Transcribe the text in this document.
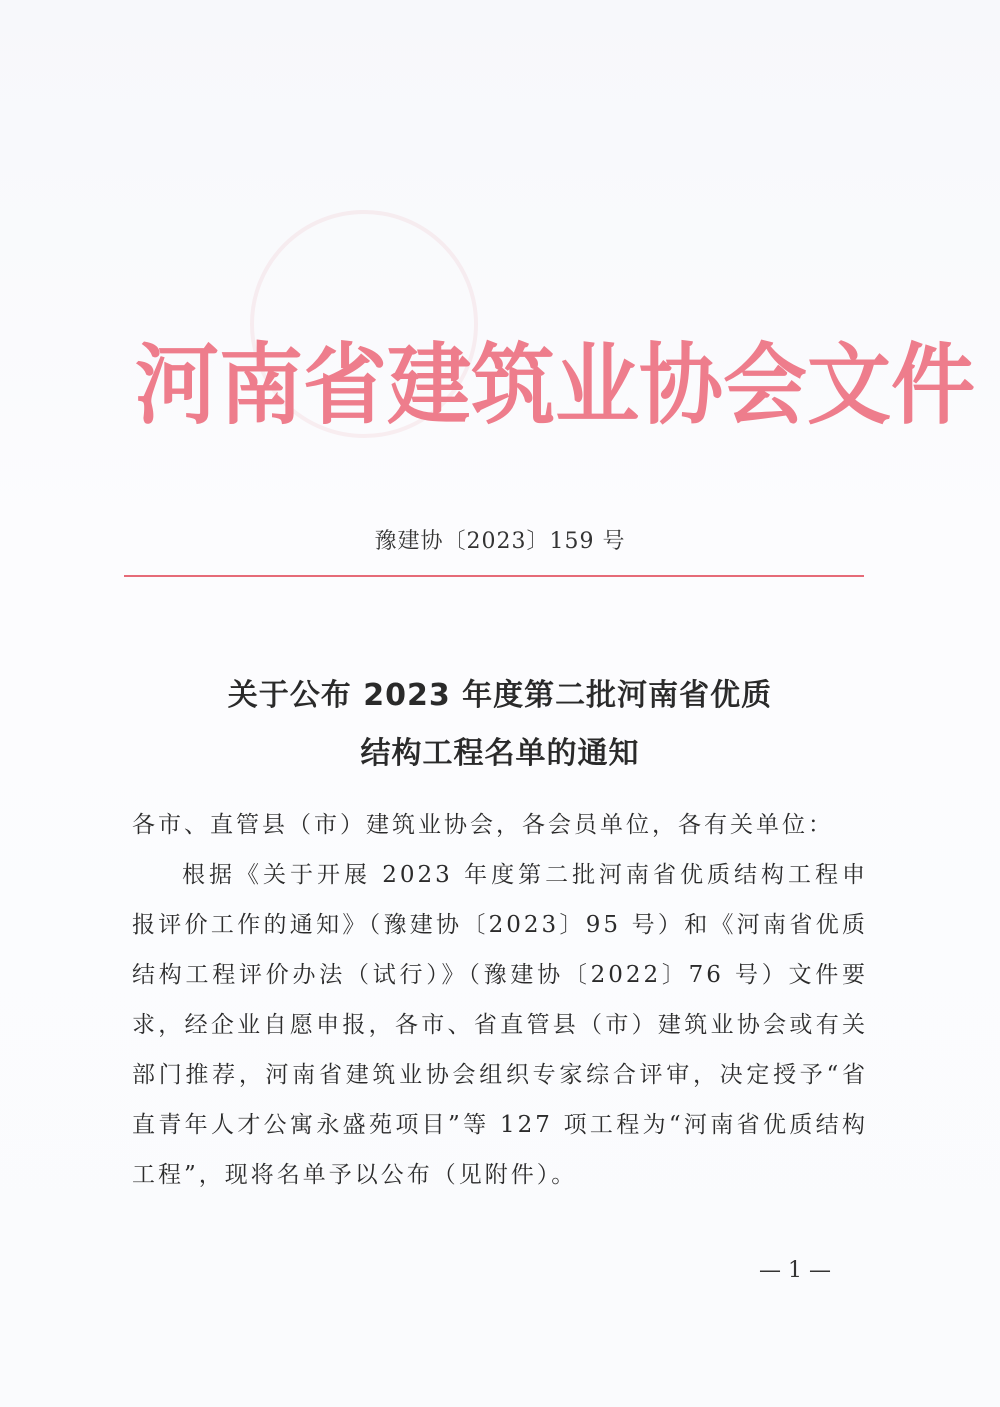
河南省建筑业协会文件
豫建协〔2023〕159 号
关于公布 2023 年度第二批河南省优质
结构工程名单的通知
各市、直管县（市）建筑业协会，各会员单位，各有关单位：
根据《关于开展 2023 年度第二批河南省优质结构工程申报评价工作的通知》（豫建协〔2023〕95 号）和《河南省优质结构工程评价办法（试行）》（豫建协〔2022〕76 号）文件要求，经企业自愿申报，各市、省直管县（市）建筑业协会或有关部门推荐，河南省建筑业协会组织专家综合评审，决定授予“省直青年人才公寓永盛苑项目”等 127 项工程为“河南省优质结构工程”，现将名单予以公布（见附件）。
— 1 —
